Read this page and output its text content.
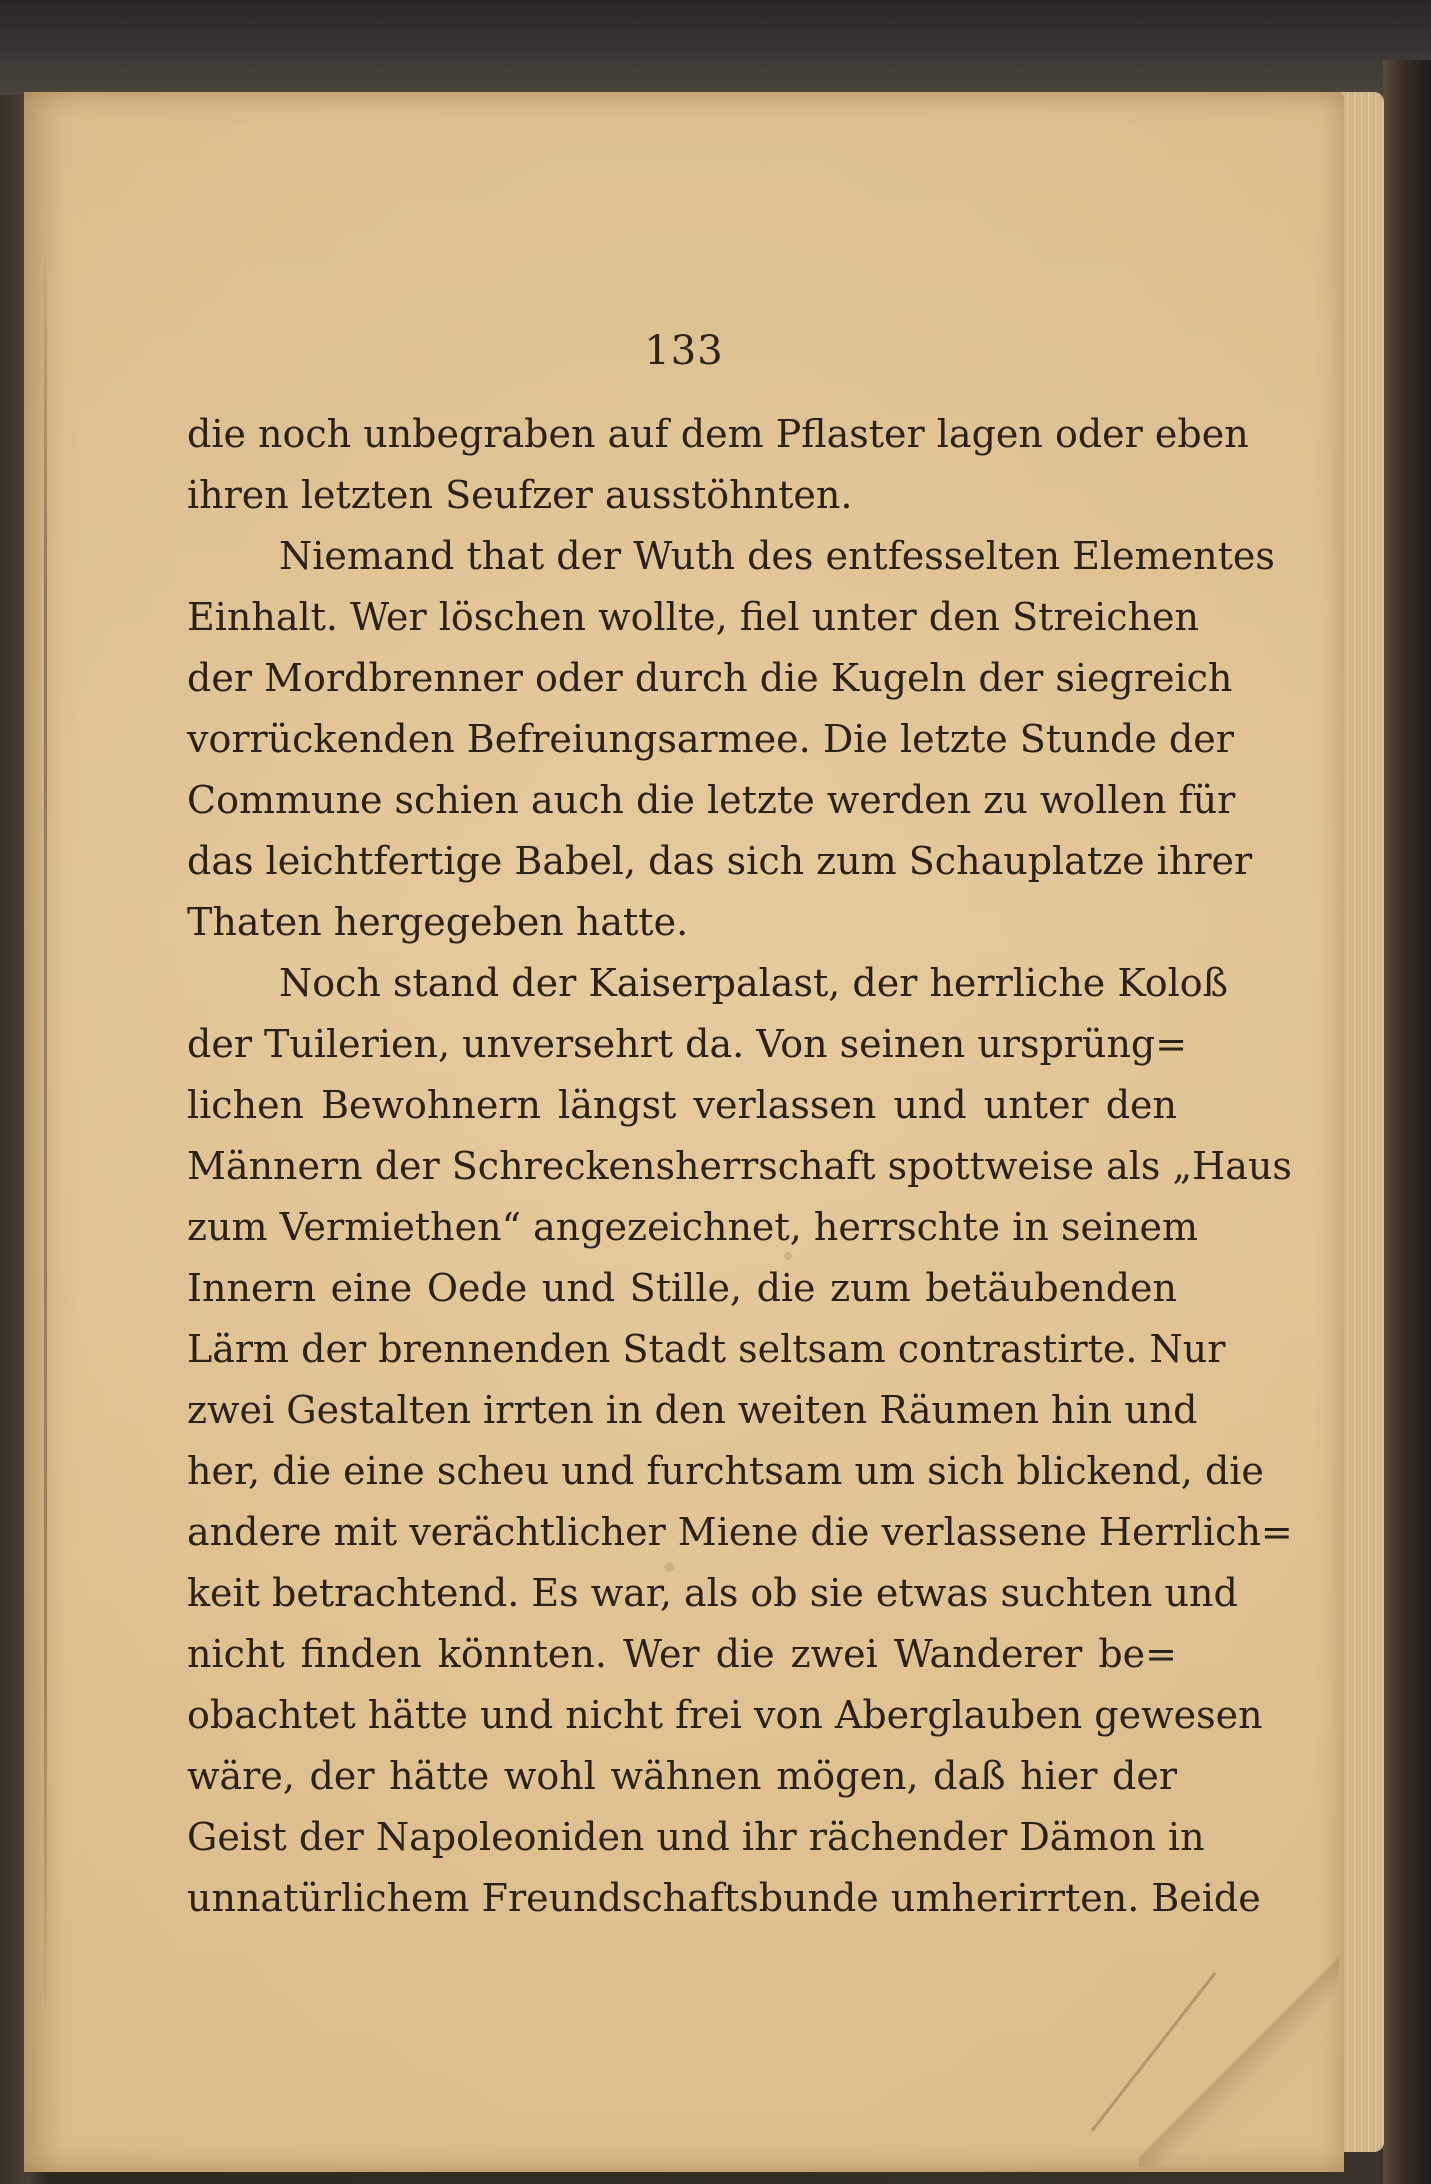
133
die noch unbegraben auf dem Pflaster lagen oder eben
ihren letzten Seufzer ausstöhnten.
Niemand that der Wuth des entfesselten Elementes
Einhalt. Wer löschen wollte, fiel unter den Streichen
der Mordbrenner oder durch die Kugeln der siegreich
vorrückenden Befreiungsarmee. Die letzte Stunde der
Commune schien auch die letzte werden zu wollen für
das leichtfertige Babel, das sich zum Schauplatze ihrer
Thaten hergegeben hatte.
Noch stand der Kaiserpalast, der herrliche Koloß
der Tuilerien, unversehrt da. Von seinen ursprüng=
lichen Bewohnern längst verlassen und unter den
Männern der Schreckensherrschaft spottweise als „Haus
zum Vermiethen“ angezeichnet, herrschte in seinem
Innern eine Oede und Stille, die zum betäubenden
Lärm der brennenden Stadt seltsam contrastirte. Nur
zwei Gestalten irrten in den weiten Räumen hin und
her, die eine scheu und furchtsam um sich blickend, die
andere mit verächtlicher Miene die verlassene Herrlich=
keit betrachtend. Es war, als ob sie etwas suchten und
nicht finden könnten. Wer die zwei Wanderer be=
obachtet hätte und nicht frei von Aberglauben gewesen
wäre, der hätte wohl wähnen mögen, daß hier der
Geist der Napoleoniden und ihr rächender Dämon in
unnatürlichem Freundschaftsbunde umherirrten. Beide
